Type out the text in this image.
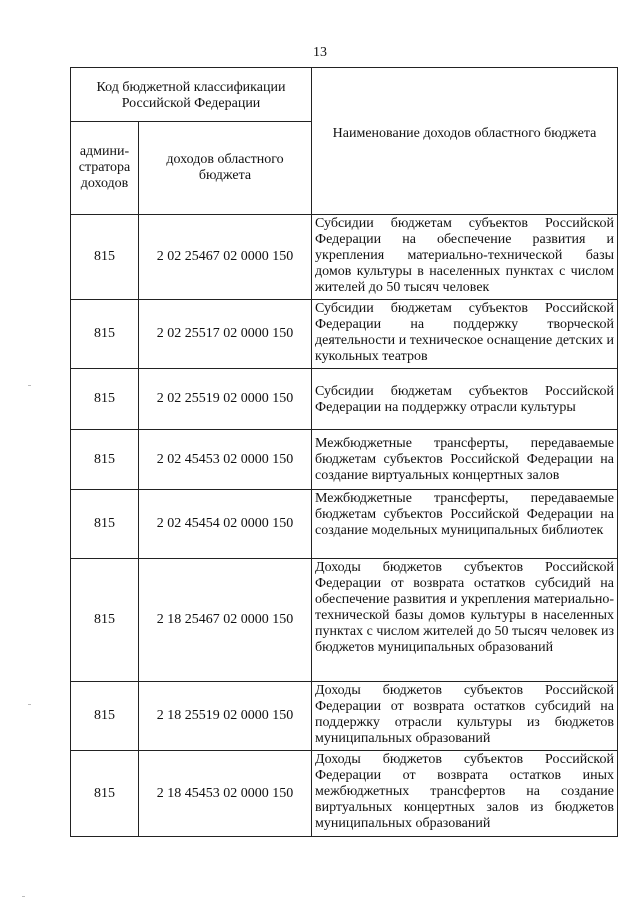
13
Код бюджетной классификации Российской Федерации		Наименование доходов областного бюджета
админи- стратора доходов	доходов областного бюджета	
815	2 02 25467 02 0000 150	Субсидии бюджетам субъектов Российской Федерации на обеспечение развития и укрепления материально-технической базы домов культуры в населенных пунктах с числом жителей до 50 тысяч человек
815	2 02 25517 02 0000 150	Субсидии бюджетам субъектов Российской Федерации на поддержку творческой деятельности и техническое оснащение детских и кукольных театров
815	2 02 25519 02 0000 150	Субсидии бюджетам субъектов Российской Федерации на поддержку отрасли культуры
815	2 02 45453 02 0000 150	Межбюджетные трансферты, передаваемые бюджетам субъектов Российской Федерации на создание виртуальных концертных залов
815	2 02 45454 02 0000 150	Межбюджетные трансферты, передаваемые бюджетам субъектов Российской Федерации на создание модельных муниципальных библиотек
815	2 18 25467 02 0000 150	Доходы бюджетов субъектов Российской Федерации от возврата остатков субсидий на обеспечение развития и укрепления материально-технической базы домов культуры в населенных пунктах с числом жителей до 50 тысяч человек из бюджетов муниципальных образований
815	2 18 25519 02 0000 150	Доходы бюджетов субъектов Российской Федерации от возврата остатков субсидий на поддержку отрасли культуры из бюджетов муниципальных образований
815	2 18 45453 02 0000 150	Доходы бюджетов субъектов Российской Федерации от возврата остатков иных межбюджетных трансфертов на создание виртуальных концертных залов из бюджетов муниципальных образований
